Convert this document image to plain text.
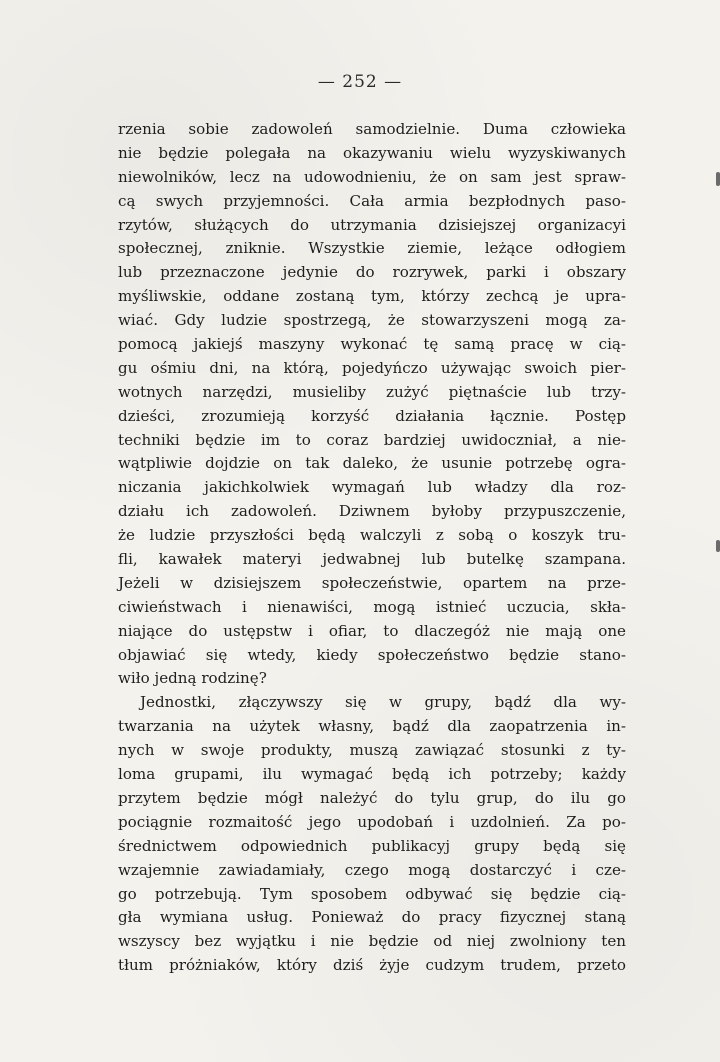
— 252 —
rzenia sobie zadowoleń samodzielnie. Duma człowieka
nie będzie polegała na okazywaniu wielu wyzyskiwanych
niewolników, lecz na udowodnieniu, że on sam jest spraw-
cą swych przyjemności. Cała armia bezpłodnych paso-
rzytów, służących do utrzymania dzisiejszej organizacyi
społecznej, zniknie. Wszystkie ziemie, leżące odłogiem
lub przeznaczone jedynie do rozrywek, parki i obszary
myśliwskie, oddane zostaną tym, którzy zechcą je upra-
wiać. Gdy ludzie spostrzegą, że stowarzyszeni mogą za-
pomocą jakiejś maszyny wykonać tę samą pracę w cią-
gu ośmiu dni, na którą, pojedyńczo używając swoich pier-
wotnych narzędzi, musieliby zużyć piętnaście lub trzy-
dzieści, zrozumieją korzyść działania łącznie. Postęp
techniki będzie im to coraz bardziej uwidoczniał, a nie-
wątpliwie dojdzie on tak daleko, że usunie potrzebę ogra-
niczania jakichkolwiek wymagań lub władzy dla roz-
działu ich zadowoleń. Dziwnem byłoby przypuszczenie,
że ludzie przyszłości będą walczyli z sobą o koszyk tru-
fli, kawałek materyi jedwabnej lub butelkę szampana.
Jeżeli w dzisiejszem społeczeństwie, opartem na prze-
ciwieństwach i nienawiści, mogą istnieć uczucia, skła-
niające do ustępstw i ofiar, to dlaczegóż nie mają one
objawiać się wtedy, kiedy społeczeństwo będzie stano-
wiło jedną rodzinę?
Jednostki, złączywszy się w grupy, bądź dla wy-
twarzania na użytek własny, bądź dla zaopatrzenia in-
nych w swoje produkty, muszą zawiązać stosunki z ty-
loma grupami, ilu wymagać będą ich potrzeby; każdy
przytem będzie mógł należyć do tylu grup, do ilu go
pociągnie rozmaitość jego upodobań i uzdolnień. Za po-
średnictwem odpowiednich publikacyj grupy będą się
wzajemnie zawiadamiały, czego mogą dostarczyć i cze-
go potrzebują. Tym sposobem odbywać się będzie cią-
gła wymiana usług. Ponieważ do pracy fizycznej staną
wszyscy bez wyjątku i nie będzie od niej zwolniony ten
tłum próżniaków, który dziś żyje cudzym trudem, przeto
